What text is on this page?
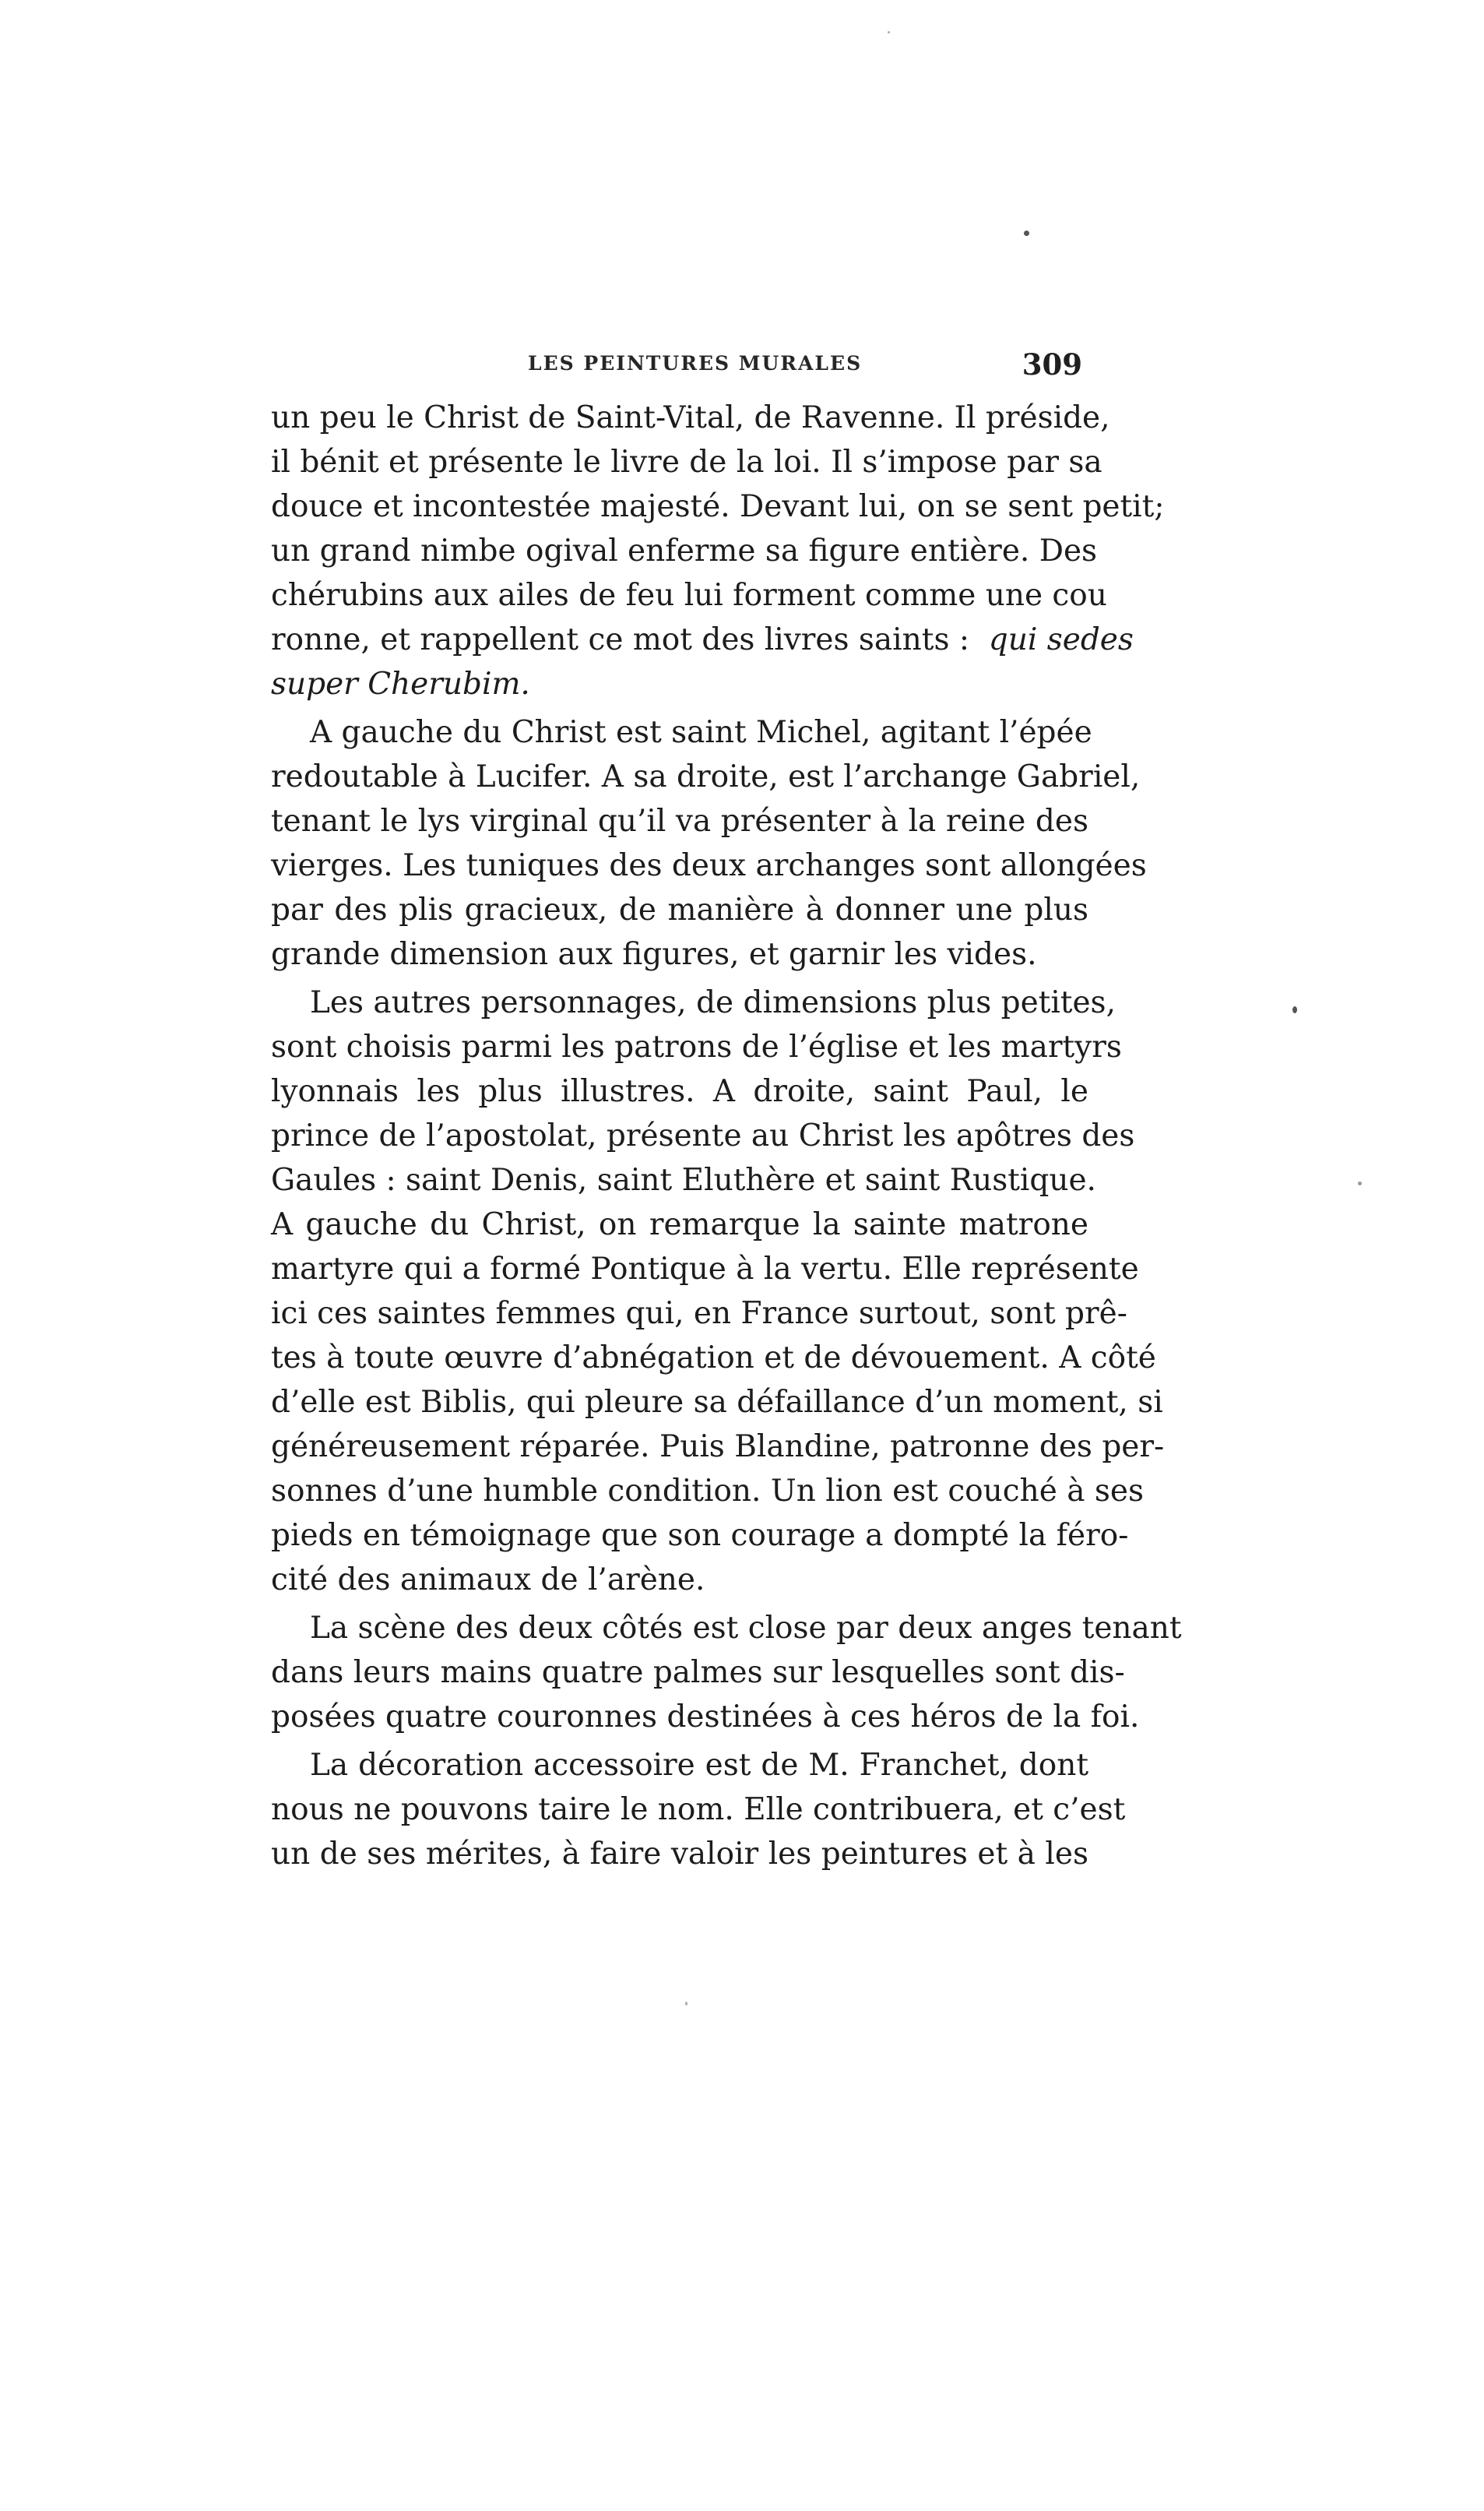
LES PEINTURES MURALES	309
un peu le Christ de Saint-Vital, de Ravenne. Il préside,
il bénit et présente le livre de la loi. Il s’impose par sa
douce et incontestée majesté. Devant lui, on se sent petit;
un grand nimbe ogival enferme sa figure entière. Des
chérubins aux ailes de feu lui forment comme une cou
ronne, et rappellent ce mot des livres saints : qui sedes
super Cherubim.
A gauche du Christ est saint Michel, agitant l’épée
redoutable à Lucifer. A sa droite, est l’archange Gabriel,
tenant le lys virginal qu’il va présenter à la reine des
vierges. Les tuniques des deux archanges sont allongées
par des plis gracieux, de manière à donner une plus
grande dimension aux figures, et garnir les vides.
Les autres personnages, de dimensions plus petites,
sont choisis parmi les patrons de l’église et les martyrs
lyonnais les plus illustres. A droite, saint Paul, le
prince de l’apostolat, présente au Christ les apôtres des
Gaules : saint Denis, saint Eluthère et saint Rustique.
A gauche du Christ, on remarque la sainte matrone
martyre qui a formé Pontique à la vertu. Elle représente
ici ces saintes femmes qui, en France surtout, sont prê-
tes à toute œuvre d’abnégation et de dévouement. A côté
d’elle est Biblis, qui pleure sa défaillance d’un moment, si
généreusement réparée. Puis Blandine, patronne des per-
sonnes d’une humble condition. Un lion est couché à ses
pieds en témoignage que son courage a dompté la féro-
cité des animaux de l’arène.
La scène des deux côtés est close par deux anges tenant
dans leurs mains quatre palmes sur lesquelles sont dis-
posées quatre couronnes destinées à ces héros de la foi.
La décoration accessoire est de M. Franchet, dont
nous ne pouvons taire le nom. Elle contribuera, et c’est
un de ses mérites, à faire valoir les peintures et à les
